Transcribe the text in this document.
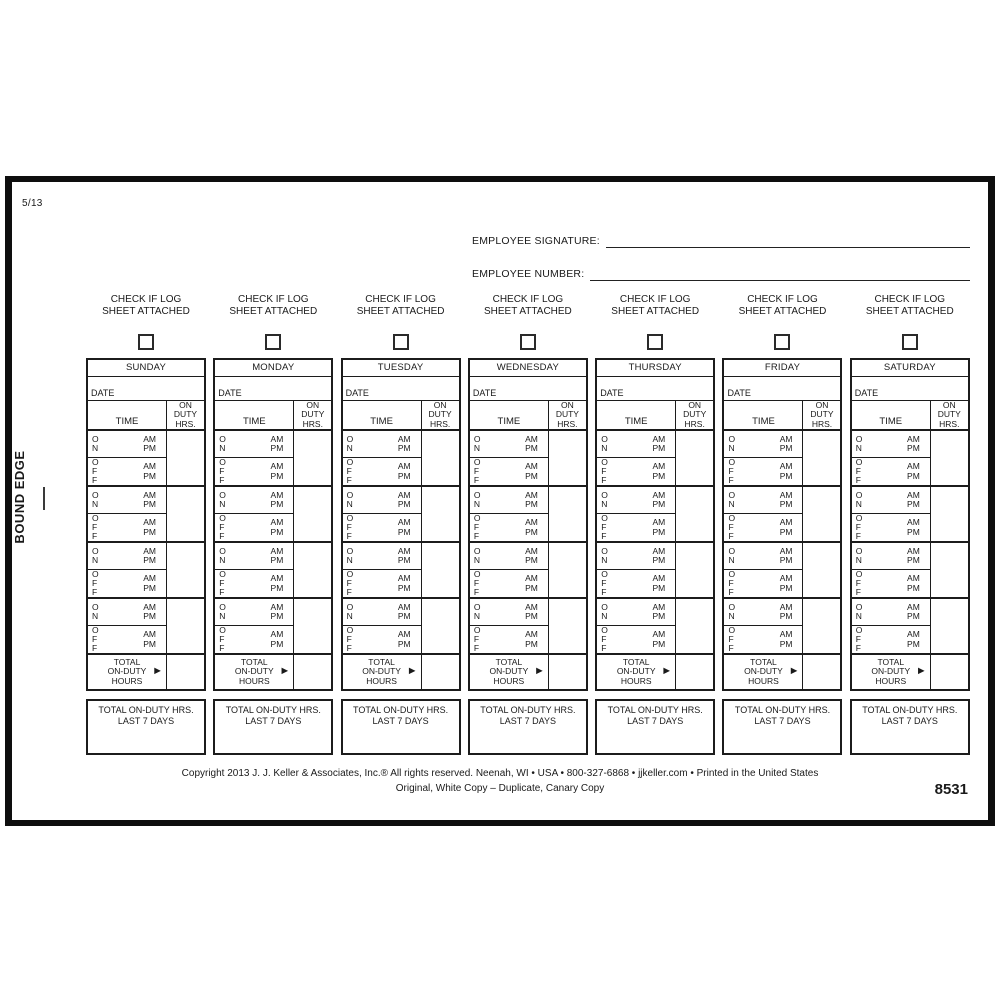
5/13
EMPLOYEE SIGNATURE:
EMPLOYEE NUMBER:
BOUND EDGE
CHECK IF LOG
SHEET ATTACHED
SUNDAY
DATE
TIME
ON
DUTY
HRS.
ON
AM
PM
OFF
AM
PM
ON
AM
PM
OFF
AM
PM
ON
AM
PM
OFF
AM
PM
ON
AM
PM
OFF
AM
PM
TOTAL
ON-DUTY
HOURS
►
TOTAL ON-DUTY HRS.
LAST 7 DAYS
CHECK IF LOG
SHEET ATTACHED
MONDAY
DATE
TIME
ON
DUTY
HRS.
ON
AM
PM
OFF
AM
PM
ON
AM
PM
OFF
AM
PM
ON
AM
PM
OFF
AM
PM
ON
AM
PM
OFF
AM
PM
TOTAL
ON-DUTY
HOURS
►
TOTAL ON-DUTY HRS.
LAST 7 DAYS
CHECK IF LOG
SHEET ATTACHED
TUESDAY
DATE
TIME
ON
DUTY
HRS.
ON
AM
PM
OFF
AM
PM
ON
AM
PM
OFF
AM
PM
ON
AM
PM
OFF
AM
PM
ON
AM
PM
OFF
AM
PM
TOTAL
ON-DUTY
HOURS
►
TOTAL ON-DUTY HRS.
LAST 7 DAYS
CHECK IF LOG
SHEET ATTACHED
WEDNESDAY
DATE
TIME
ON
DUTY
HRS.
ON
AM
PM
OFF
AM
PM
ON
AM
PM
OFF
AM
PM
ON
AM
PM
OFF
AM
PM
ON
AM
PM
OFF
AM
PM
TOTAL
ON-DUTY
HOURS
►
TOTAL ON-DUTY HRS.
LAST 7 DAYS
CHECK IF LOG
SHEET ATTACHED
THURSDAY
DATE
TIME
ON
DUTY
HRS.
ON
AM
PM
OFF
AM
PM
ON
AM
PM
OFF
AM
PM
ON
AM
PM
OFF
AM
PM
ON
AM
PM
OFF
AM
PM
TOTAL
ON-DUTY
HOURS
►
TOTAL ON-DUTY HRS.
LAST 7 DAYS
CHECK IF LOG
SHEET ATTACHED
FRIDAY
DATE
TIME
ON
DUTY
HRS.
ON
AM
PM
OFF
AM
PM
ON
AM
PM
OFF
AM
PM
ON
AM
PM
OFF
AM
PM
ON
AM
PM
OFF
AM
PM
TOTAL
ON-DUTY
HOURS
►
TOTAL ON-DUTY HRS.
LAST 7 DAYS
CHECK IF LOG
SHEET ATTACHED
SATURDAY
DATE
TIME
ON
DUTY
HRS.
ON
AM
PM
OFF
AM
PM
ON
AM
PM
OFF
AM
PM
ON
AM
PM
OFF
AM
PM
ON
AM
PM
OFF
AM
PM
TOTAL
ON-DUTY
HOURS
►
TOTAL ON-DUTY HRS.
LAST 7 DAYS
Copyright 2013 J. J. Keller & Associates, Inc.® All rights reserved. Neenah, WI • USA • 800-327-6868 • jjkeller.com • Printed in the United States
Original, White Copy – Duplicate, Canary Copy	8531
